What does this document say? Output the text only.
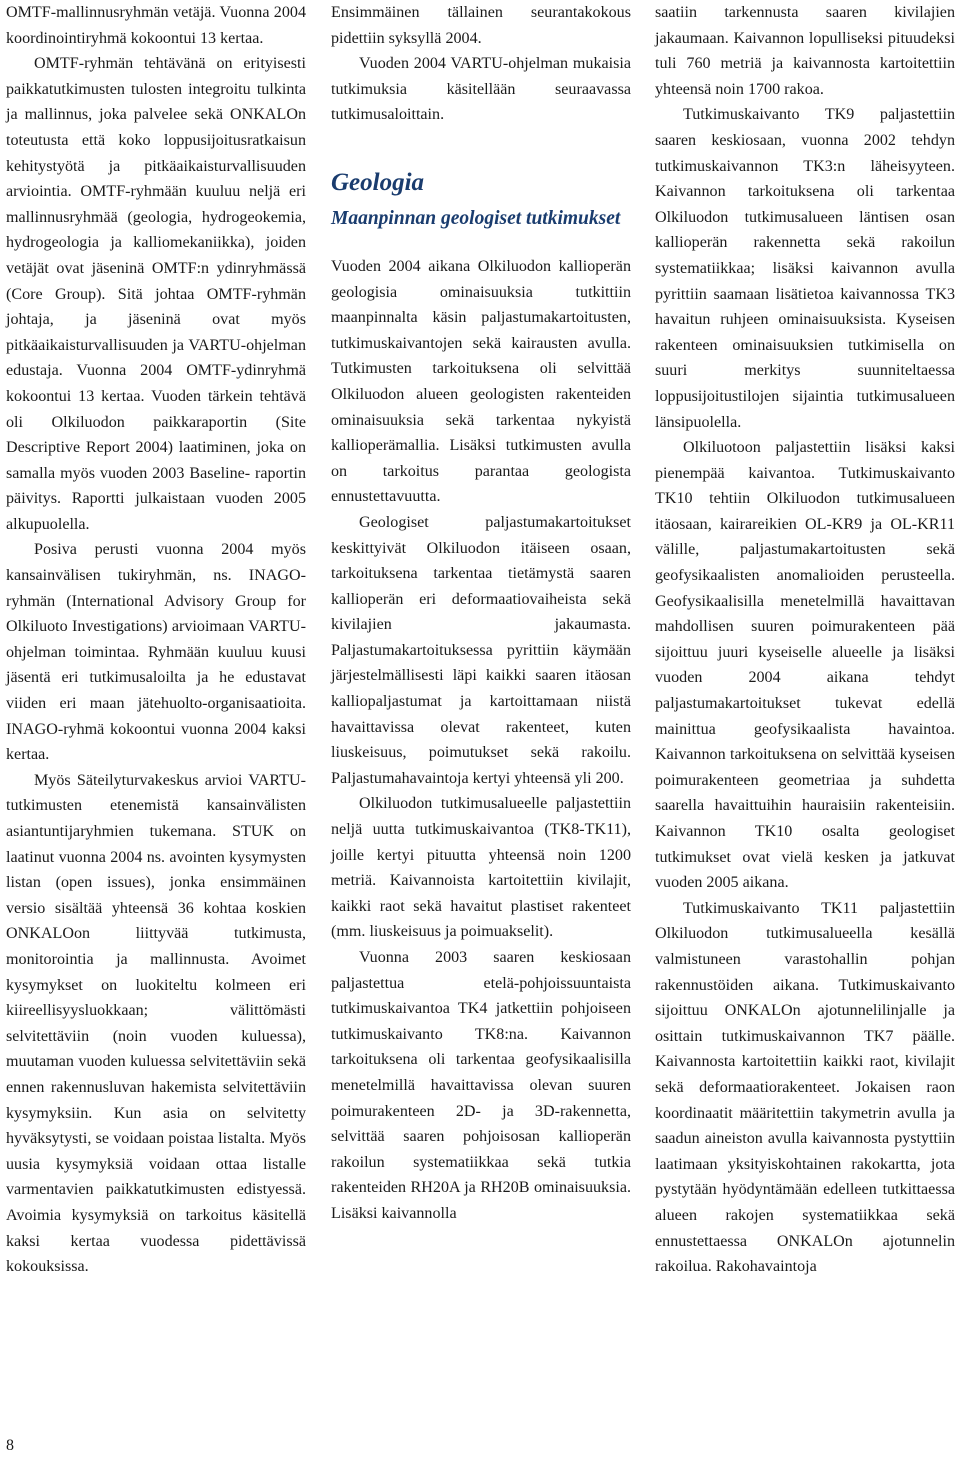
OMTF-mallinnusryhmän vetäjä. Vuonna 2004 koordinointiryhmä kokoontui 13 kertaa.

OMTF-ryhmän tehtävänä on erityisesti paikkatutkimusten tulosten integroitu tulkinta ja mallinnus, joka palvelee sekä ONKALOn toteutusta että koko loppusijoitusratkaisun kehitystyötä ja pitkäaikaisturvallisuuden arviointia. OMTF-ryhmään kuuluu neljä eri mallinnusryhmää (geologia, hydrogeokemia, hydrogeologia ja kalliomekaniikka), joiden vetäjät ovat jäseninä OMTF:n ydinryhmässä (Core Group). Sitä johtaa OMTF-ryhmän johtaja, ja jäseninä ovat myös pitkäaikaisturvallisuuden ja VARTU-ohjelman edustaja. Vuonna 2004 OMTF-ydinryhmä kokoontui 13 kertaa. Vuoden tärkein tehtävä oli Olkiluodon paikkaraportin (Site Descriptive Report 2004) laatiminen, joka on samalla myös vuoden 2003 Baseline- raportin päivitys. Raportti julkaistaan vuoden 2005 alkupuolella.

Posiva perusti vuonna 2004 myös kansainvälisen tukiryhmän, ns. INAGO-ryhmän (International Advisory Group for Olkiluoto Investigations) arvioimaan VARTU-ohjelman toimintaa. Ryhmään kuuluu kuusi jäsentä eri tutkimusaloilta ja he edustavat viiden eri maan jätehuolto-organisaatioita. INAGO-ryhmä kokoontui vuonna 2004 kaksi kertaa.

Myös Säteilyturvakeskus arvioi VARTU-tutkimusten etenemistä kansainvälisten asiantuntijaryhmien tukemana. STUK on laatinut vuonna 2004 ns. avointen kysymysten listan (open issues), jonka ensimmäinen versio sisältää yhteensä 36 kohtaa koskien ONKALOon liittyvää tutkimusta, monitorointia ja mallinnusta. Avoimet kysymykset on luokiteltu kolmeen eri kiireellisyysluokkaan; välittömästi selvitettäviin (noin vuoden kuluessa), muutaman vuoden kuluessa selvitettäviin sekä ennen rakennusluvan hakemista selvitettäviin kysymyksiin. Kun asia on selvitetty hyväksytysti, se voidaan poistaa listalta. Myös uusia kysymyksiä voidaan ottaa listalle varmentavien paikkatutkimusten edistyessä. Avoimia kysymyksiä on tarkoitus käsitellä kaksi kertaa vuodessa pidettävissä kokouksissa.

Ensimmäinen tällainen seurantakokous pidettiin syksyllä 2004.

Vuoden 2004 VARTU-ohjelman mukaisia tutkimuksia käsitellään seuraavassa tutkimusaloittain.

Geologia
Maanpinnan geologiset tutkimukset

Vuoden 2004 aikana Olkiluodon kallioperän geologisia ominaisuuksia tutkittiin maanpinnalta käsin paljastumakartoitusten, tutkimuskaivantojen sekä kairausten avulla. Tutkimusten tarkoituksena oli selvittää Olkiluodon alueen geologisten rakenteiden ominaisuuksia sekä tarkentaa nykyistä kallioperämallia. Lisäksi tutkimusten avulla on tarkoitus parantaa geologista ennustettavuutta.

Geologiset paljastumakartoitukset keskittyivät Olkiluodon itäiseen osaan, tarkoituksena tarkentaa tietämystä saaren kallioperän eri deformaatiovaiheista sekä kivilajien jakaumasta. Paljastumakartoituksessa pyrittiin käymään järjestelmällisesti läpi kaikki saaren itäosan kalliopaljastumat ja kartoittamaan niistä havaittavissa olevat rakenteet, kuten liuskeisuus, poimutukset sekä rakoilu. Paljastumahavaintoja kertyi yhteensä yli 200.

Olkiluodon tutkimusalueelle paljastettiin neljä uutta tutkimuskaivantoa (TK8-TK11), joille kertyi pituutta yhteensä noin 1200 metriä. Kaivannoista kartoitettiin kivilajit, kaikki raot sekä havaitut plastiset rakenteet (mm. liuskeisuus ja poimuakselit).

Vuonna 2003 saaren keskiosaan paljastettua etelä-pohjoissuuntaista tutkimuskaivantoa TK4 jatkettiin pohjoiseen tutkimuskaivanto TK8:na. Kaivannon tarkoituksena oli tarkentaa geofysikaalisilla menetelmillä havaittavissa olevan suuren poimurakenteen 2D- ja 3D-rakennetta, selvittää saaren pohjoisosan kallioperän rakoilun systematiikkaa sekä tutkia rakenteiden RH20A ja RH20B ominaisuuksia. Lisäksi kaivannolla

saatiin tarkennusta saaren kivilajien jakaumaan. Kaivannon lopulliseksi pituudeksi tuli 760 metriä ja kaivannosta kartoitettiin yhteensä noin 1700 rakoa.

Tutkimuskaivanto TK9 paljastettiin saaren keskiosaan, vuonna 2002 tehdyn tutkimuskaivannon TK3:n läheisyyteen. Kaivannon tarkoituksena oli tarkentaa Olkiluodon tutkimusalueen läntisen osan kallioperän rakennetta sekä rakoilun systematiikkaa; lisäksi kaivannon avulla pyrittiin saamaan lisätietoa kaivannossa TK3 havaitun ruhjeen ominaisuuksista. Kyseisen rakenteen ominaisuuksien tutkimisella on suuri merkitys suunniteltaessa loppusijoitustilojen sijaintia tutkimusalueen länsipuolella.

Olkiluotoon paljastettiin lisäksi kaksi pienempää kaivantoa. Tutkimuskaivanto TK10 tehtiin Olkiluodon tutkimusalueen itäosaan, kairareikien OL-KR9 ja OL-KR11 välille, paljastumakartoitusten sekä geofysikaalisten anomalioiden perusteella. Geofysikaalisilla menetelmillä havaittavan mahdollisen suuren poimurakenteen pää sijoittuu juuri kyseiselle alueelle ja lisäksi vuoden 2004 aikana tehdyt paljastumakartoitukset tukevat edellä mainittua geofysikaalista havaintoa. Kaivannon tarkoituksena on selvittää kyseisen poimurakenteen geometriaa ja suhdetta saarella havaittuihin hauraisiin rakenteisiin. Kaivannon TK10 osalta geologiset tutkimukset ovat vielä kesken ja jatkuvat vuoden 2005 aikana.

Tutkimuskaivanto TK11 paljastettiin Olkiluodon tutkimusalueella kesällä valmistuneen varastohallin pohjan rakennustöiden aikana. Tutkimuskaivanto sijoittuu ONKALOn ajotunnelilinjalle ja osittain tutkimuskaivannon TK7 päälle. Kaivannosta kartoitettiin kaikki raot, kivilajit sekä deformaatiorakenteet. Jokaisen raon koordinaatit määritettiin takymetrin avulla ja saadun aineiston avulla kaivannosta pystyttiin laatimaan yksityiskohtainen rakokartta, jota pystytään hyödyntämään edelleen tutkittaessa alueen rakojen systematiikkaa sekä ennustettaessa ONKALOn ajotunnelin rakoilua. Rakohavaintoja

8
